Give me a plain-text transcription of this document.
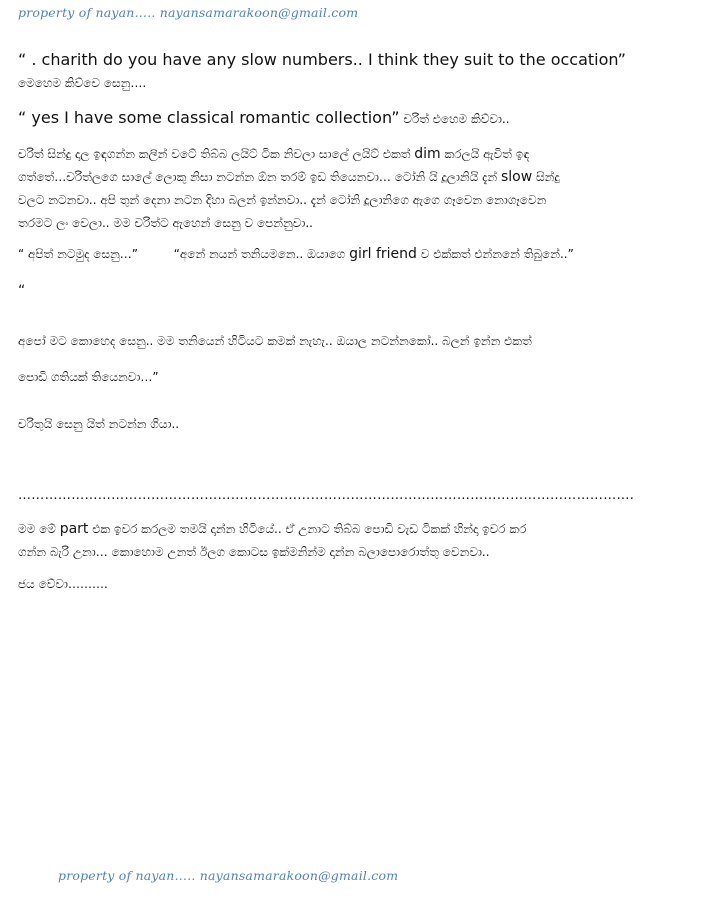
property of nayan….. nayansamarakoon@gmail.com
“ . charith do you have any slow numbers.. I think they suit to the occation”
මෙහෙම කිව්වෙ සෙනු….
“ yes I have some classical romantic collection” චරිත් එහෙම කිව්වා..
චරිත් සින්දු දාල ඉඳගන්න කලින් වටේ තිබ්බ ලයිට් ටික නිවලා සාලේ ලයිට් එකත් dim කරලයි ඇවිත් ඉඳ
ගත්තේ…චරිත්ලගෙ සාලේ ලොකු නිසා නටන්න ඕන තරම් ඉඩ තියෙනවා… ටෝනි යි දූලානියි දැන් slow සින්දු
වලට නටනවා.. අපි තුන් දෙනා නටන දිහා බලන් ඉන්නවා.. දැන් ටෝනි දූලානිගෙ ඇගෙ ගෑවෙන නොගෑවෙන
තරමට ලං වෙලා.. මම චරිත්ට ඇහෙන් සෙනු ව පෙන්නුවා..
“ අපිත් නටමුද සෙනු…”	“අනේ නයන් තනියමනෙ.. ඔයාගෙ girl friend ව එක්කත් එන්නනේ තිබුනේ..”
“
අපෝ මට කොහෙද සෙනු.. මම තනියෙන් හිටියට කමක් නැහැ.. ඔයාල නටන්නකෝ.. බලන් ඉන්න එකත්
පොඩි ගතියක් තියෙනවා…”
චරිතුයි සෙනු යිත් නටන්න ගියා..
………………………………………………………………………………………………………………………….
මම මේ part එක ඉවර කරලම තමයි දාන්න හිටියේ.. ඒ උනාට තිබ්බ පොඩි වැඩ ටිකක් හින්දා ඉවර කර
ගන්න බැරි උනා… කොහොම උනත් ඊලග කොටස ඉක්මනින්ම දාන්න බලාපොරොත්තු වෙනවා..
ජය වේවා……….
property of nayan….. nayansamarakoon@gmail.com
